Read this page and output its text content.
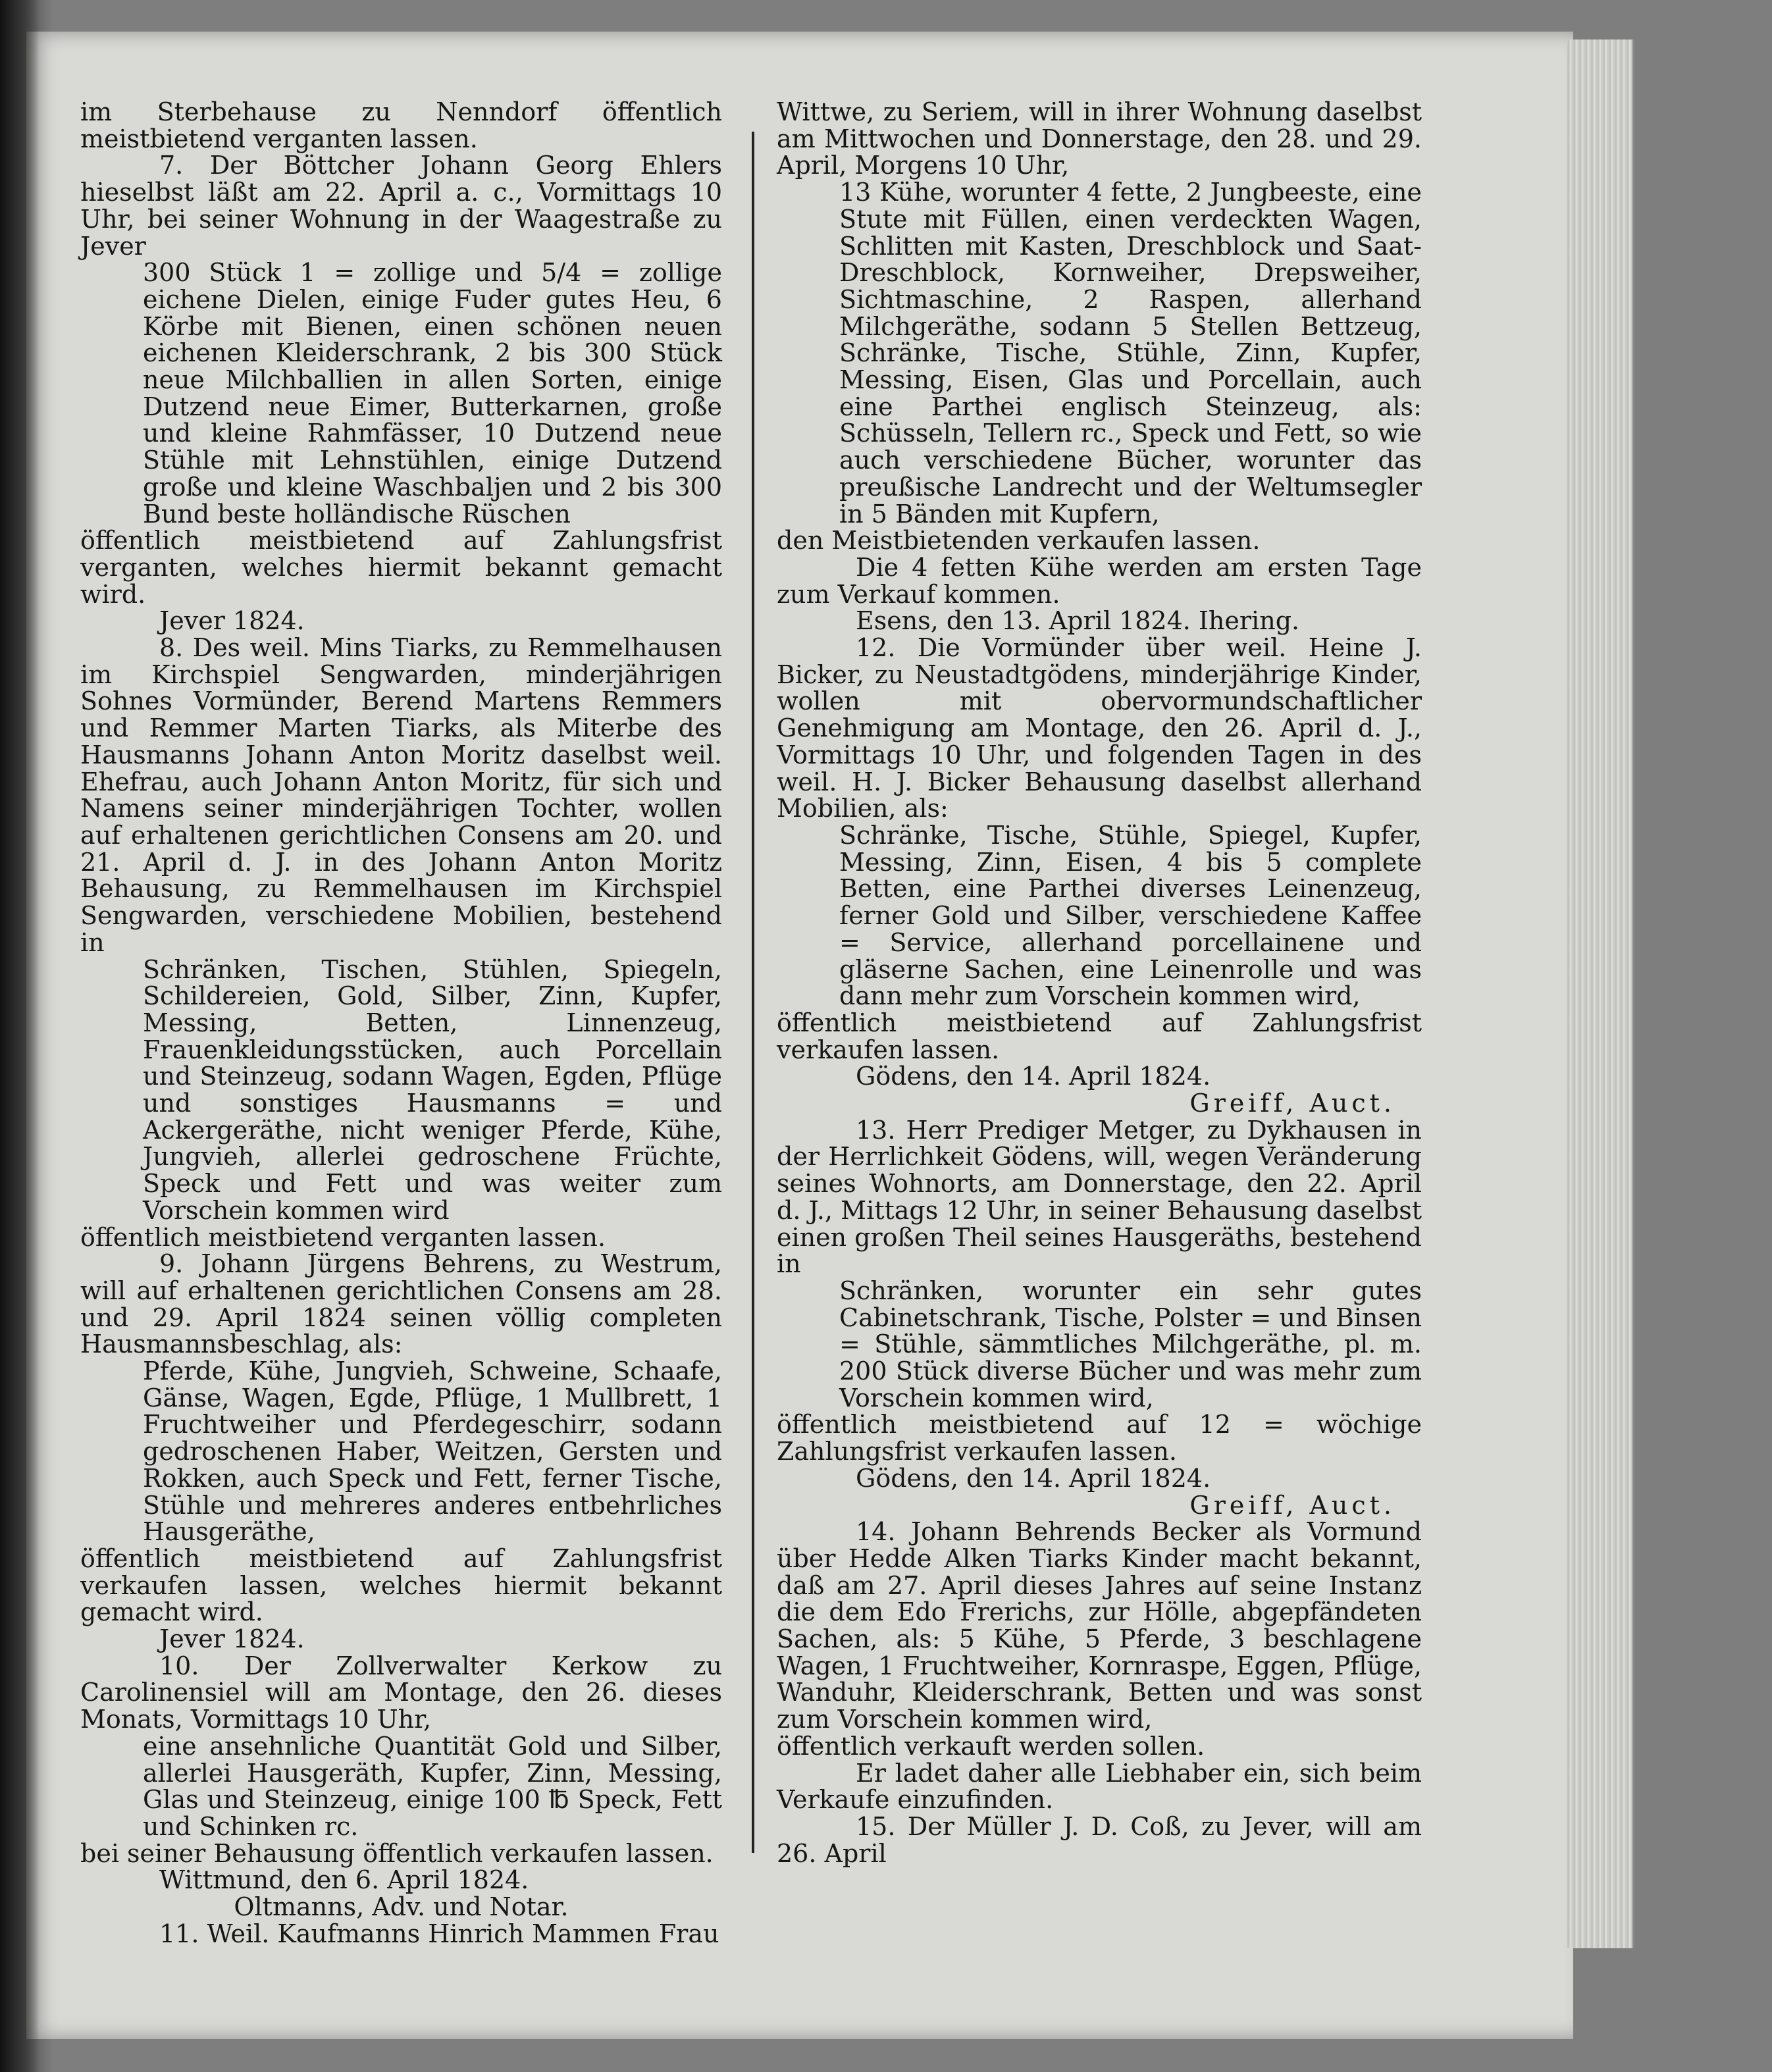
im Sterbehause zu Nenndorf öffentlich meistbietend verganten lassen.

7. Der Böttcher Johann Georg Ehlers hieselbst läßt am 22. April a. c., Vormittags 10 Uhr, bei seiner Wohnung in der Waagestraße zu Jever

300 Stück 1 = zollige und 5/4 = zollige eichene Dielen, einige Fuder gutes Heu, 6 Körbe mit Bienen, einen schönen neuen eichenen Kleiderschrank, 2 bis 300 Stück neue Milchballien in allen Sorten, einige Dutzend neue Eimer, Butterkarnen, große und kleine Rahmfässer, 10 Dutzend neue Stühle mit Lehnstühlen, einige Dutzend große und kleine Waschbaljen und 2 bis 300 Bund beste holländische Rüschen

öffentlich meistbietend auf Zahlungsfrist verganten, welches hiermit bekannt gemacht wird.

Jever 1824.

8. Des weil. Mins Tiarks, zu Remmelhausen im Kirchspiel Sengwarden, minderjährigen Sohnes Vormünder, Berend Martens Remmers und Remmer Marten Tiarks, als Miterbe des Hausmanns Johann Anton Moritz daselbst weil. Ehefrau, auch Johann Anton Moritz, für sich und Namens seiner minderjährigen Tochter, wollen auf erhaltenen gerichtlichen Consens am 20. und 21. April d. J. in des Johann Anton Moritz Behausung, zu Remmelhausen im Kirchspiel Sengwarden, verschiedene Mobilien, bestehend in

Schränken, Tischen, Stühlen, Spiegeln, Schildereien, Gold, Silber, Zinn, Kupfer, Messing, Betten, Linnenzeug, Frauenkleidungsstücken, auch Porcellain und Steinzeug, sodann Wagen, Egden, Pflüge und sonstiges Hausmanns = und Ackergeräthe, nicht weniger Pferde, Kühe, Jungvieh, allerlei gedroschene Früchte, Speck und Fett und was weiter zum Vorschein kommen wird

öffentlich meistbietend verganten lassen.

9. Johann Jürgens Behrens, zu Westrum, will auf erhaltenen gerichtlichen Consens am 28. und 29. April 1824 seinen völlig completen Hausmannsbeschlag, als:

Pferde, Kühe, Jungvieh, Schweine, Schaafe, Gänse, Wagen, Egde, Pflüge, 1 Mullbrett, 1 Fruchtweiher und Pferdegeschirr, sodann gedroschenen Haber, Weitzen, Gersten und Rokken, auch Speck und Fett, ferner Tische, Stühle und mehreres anderes entbehrliches Hausgeräthe,

öffentlich meistbietend auf Zahlungsfrist verkaufen lassen, welches hiermit bekannt gemacht wird.

Jever 1824.

10. Der Zollverwalter Kerkow zu Carolinensiel will am Montage, den 26. dieses Monats, Vormittags 10 Uhr,

eine ansehnliche Quantität Gold und Silber, allerlei Hausgeräth, Kupfer, Zinn, Messing, Glas und Steinzeug, einige 100 ℔ Speck, Fett und Schinken rc.

bei seiner Behausung öffentlich verkaufen lassen.

Wittmund, den 6. April 1824.

Oltmanns, Adv. und Notar.

11. Weil. Kaufmanns Hinrich Mammen Frau

Wittwe, zu Seriem, will in ihrer Wohnung daselbst am Mittwochen und Donnerstage, den 28. und 29. April, Morgens 10 Uhr,

13 Kühe, worunter 4 fette, 2 Jungbeeste, eine Stute mit Füllen, einen verdeckten Wagen, Schlitten mit Kasten, Dreschblock und Saat-Dreschblock, Kornweiher, Drepsweiher, Sichtmaschine, 2 Raspen, allerhand Milchgeräthe, sodann 5 Stellen Bettzeug, Schränke, Tische, Stühle, Zinn, Kupfer, Messing, Eisen, Glas und Porcellain, auch eine Parthei englisch Steinzeug, als: Schüsseln, Tellern rc., Speck und Fett, so wie auch verschiedene Bücher, worunter das preußische Landrecht und der Weltumsegler in 5 Bänden mit Kupfern,

den Meistbietenden verkaufen lassen.

Die 4 fetten Kühe werden am ersten Tage zum Verkauf kommen.

Esens, den 13. April 1824. Ihering.

12. Die Vormünder über weil. Heine J. Bicker, zu Neustadtgödens, minderjährige Kinder, wollen mit obervormundschaftlicher Genehmigung am Montage, den 26. April d. J., Vormittags 10 Uhr, und folgenden Tagen in des weil. H. J. Bicker Behausung daselbst allerhand Mobilien, als:

Schränke, Tische, Stühle, Spiegel, Kupfer, Messing, Zinn, Eisen, 4 bis 5 complete Betten, eine Parthei diverses Leinenzeug, ferner Gold und Silber, verschiedene Kaffee = Service, allerhand porcellainene und gläserne Sachen, eine Leinenrolle und was dann mehr zum Vorschein kommen wird,

öffentlich meistbietend auf Zahlungsfrist verkaufen lassen.

Gödens, den 14. April 1824.

Greiff, Auct.

13. Herr Prediger Metger, zu Dykhausen in der Herrlichkeit Gödens, will, wegen Veränderung seines Wohnorts, am Donnerstage, den 22. April d. J., Mittags 12 Uhr, in seiner Behausung daselbst einen großen Theil seines Hausgeräths, bestehend in

Schränken, worunter ein sehr gutes Cabinetschrank, Tische, Polster = und Binsen = Stühle, sämmtliches Milchgeräthe, pl. m. 200 Stück diverse Bücher und was mehr zum Vorschein kommen wird,

öffentlich meistbietend auf 12 = wöchige Zahlungsfrist verkaufen lassen.

Gödens, den 14. April 1824.

Greiff, Auct.

14. Johann Behrends Becker als Vormund über Hedde Alken Tiarks Kinder macht bekannt, daß am 27. April dieses Jahres auf seine Instanz die dem Edo Frerichs, zur Hölle, abgepfändeten Sachen, als: 5 Kühe, 5 Pferde, 3 beschlagene Wagen, 1 Fruchtweiher, Kornraspe, Eggen, Pflüge, Wanduhr, Kleiderschrank, Betten und was sonst zum Vorschein kommen wird,

öffentlich verkauft werden sollen.

Er ladet daher alle Liebhaber ein, sich beim Verkaufe einzufinden.

15. Der Müller J. D. Coß, zu Jever, will am 26. April
